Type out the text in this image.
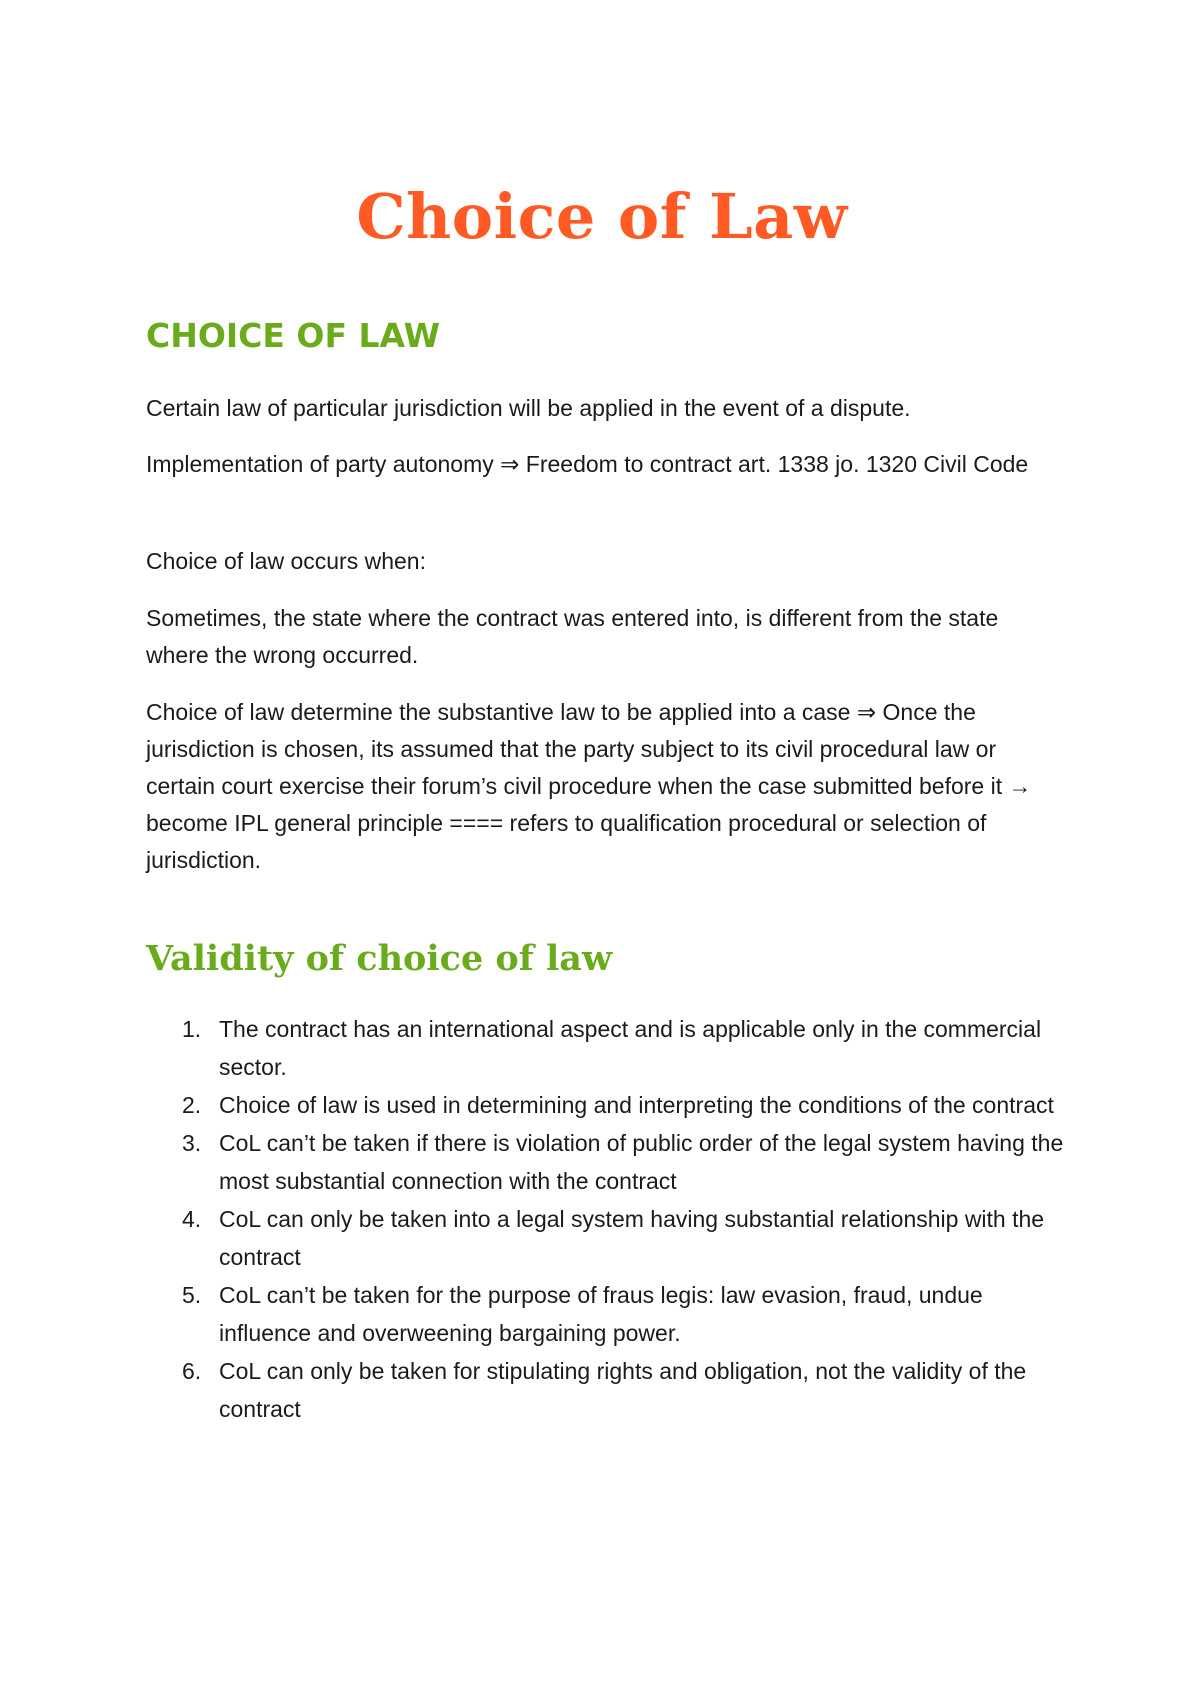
Choice of Law
CHOICE OF LAW

Certain law of particular jurisdiction will be applied in the event of a dispute.

Implementation of party autonomy ⇒ Freedom to contract art. 1338 jo. 1320 Civil Code

Choice of law occurs when:

Sometimes, the state where the contract was entered into, is different from the state where the wrong occurred.

Choice of law determine the substantive law to be applied into a case ⇒ Once the jurisdiction is chosen, its assumed that the party subject to its civil procedural law or certain court exercise their forum’s civil procedure when the case submitted before it → become IPL general principle ==== refers to qualification procedural or selection of jurisdiction.

Validity of choice of law
1. The contract has an international aspect and is applicable only in the commercial sector.
2. Choice of law is used in determining and interpreting the conditions of the contract
3. CoL can’t be taken if there is violation of public order of the legal system having the most substantial connection with the contract
4. CoL can only be taken into a legal system having substantial relationship with the contract
5. CoL can’t be taken for the purpose of fraus legis: law evasion, fraud, undue influence and overweening bargaining power.
6. CoL can only be taken for stipulating rights and obligation, not the validity of the contract
